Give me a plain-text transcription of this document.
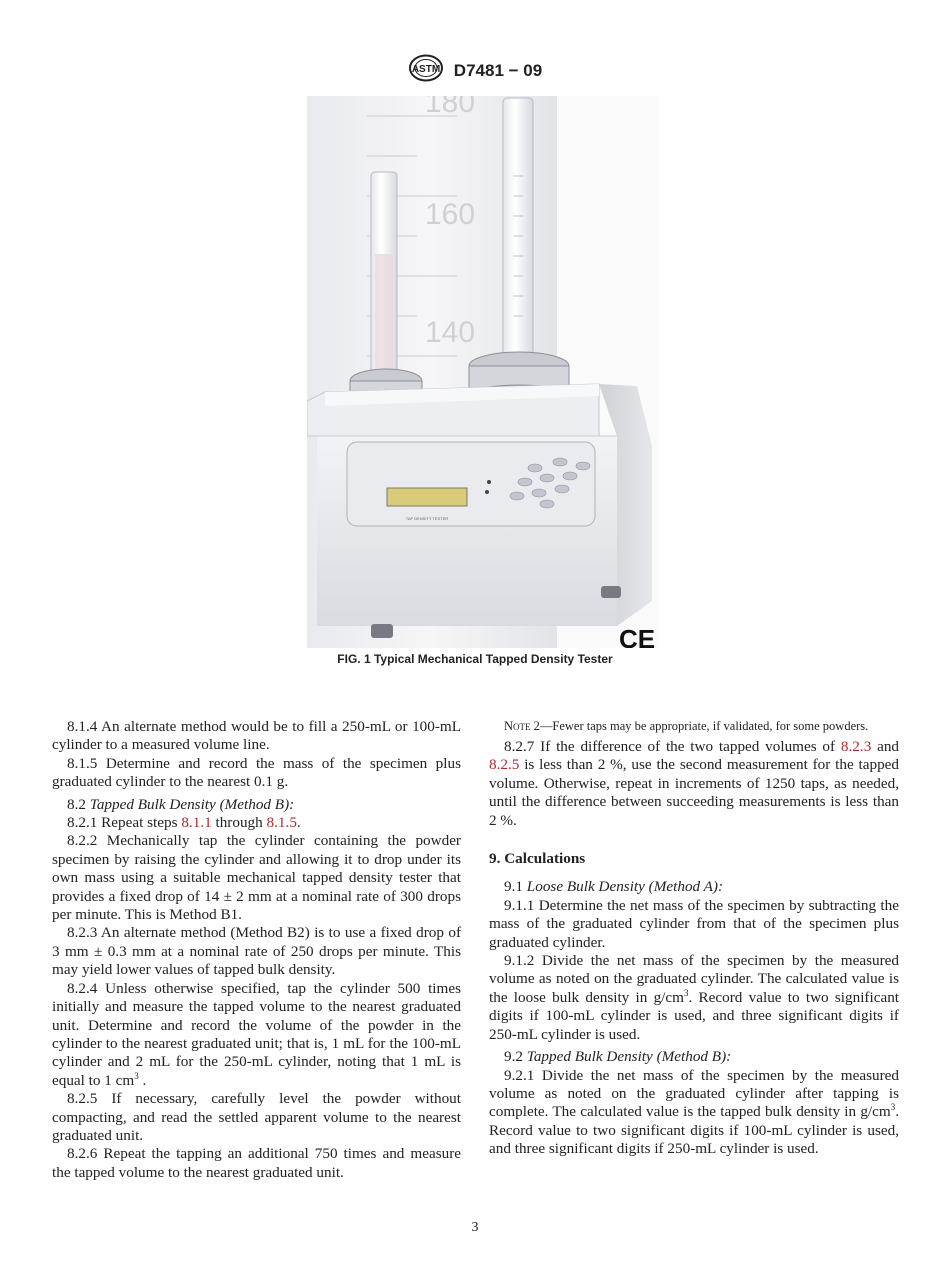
ASTM D7481 − 09
180
160
140
TAP DENSITY TESTER
CE
FIG. 1 Typical Mechanical Tapped Density Tester

8.1.4 An alternate method would be to fill a 250-mL or 100-mL cylinder to a measured volume line.

8.1.5 Determine and record the mass of the specimen plus graduated cylinder to the nearest 0.1 g.

8.2 Tapped Bulk Density (Method B):

8.2.1 Repeat steps 8.1.1 through 8.1.5.

8.2.2 Mechanically tap the cylinder containing the powder specimen by raising the cylinder and allowing it to drop under its own mass using a suitable mechanical tapped density tester that provides a fixed drop of 14 ± 2 mm at a nominal rate of 300 drops per minute. This is Method B1.

8.2.3 An alternate method (Method B2) is to use a fixed drop of 3 mm ± 0.3 mm at a nominal rate of 250 drops per minute. This may yield lower values of tapped bulk density.

8.2.4 Unless otherwise specified, tap the cylinder 500 times initially and measure the tapped volume to the nearest graduated unit. Determine and record the volume of the powder in the cylinder to the nearest graduated unit; that is, 1 mL for the 100-mL cylinder and 2 mL for the 250-mL cylinder, noting that 1 mL is equal to 1 $cm^3$ .

8.2.5 If necessary, carefully level the powder without compacting, and read the settled apparent volume to the nearest graduated unit.

8.2.6 Repeat the tapping an additional 750 times and measure the tapped volume to the nearest graduated unit.

Note 2—Fewer taps may be appropriate, if validated, for some powders.

8.2.7 If the difference of the two tapped volumes of 8.2.3 and 8.2.5 is less than 2 %, use the second measurement for the tapped volume. Otherwise, repeat in increments of 1250 taps, as needed, until the difference between succeeding measurements is less than 2 %.

9. Calculations

9.1 Loose Bulk Density (Method A):

9.1.1 Determine the net mass of the specimen by subtracting the mass of the graduated cylinder from that of the specimen plus graduated cylinder.

9.1.2 Divide the net mass of the specimen by the measured volume as noted on the graduated cylinder. The calculated value is the loose bulk density in $g/cm^3$. Record value to two significant digits if 100-mL cylinder is used, and three significant digits if 250-mL cylinder is used.

9.2 Tapped Bulk Density (Method B):

9.2.1 Divide the net mass of the specimen by the measured volume as noted on the graduated cylinder after tapping is complete. The calculated value is the tapped bulk density in $g/cm^3$. Record value to two significant digits if 100-mL cylinder is used, and three significant digits if 250-mL cylinder is used.

3
